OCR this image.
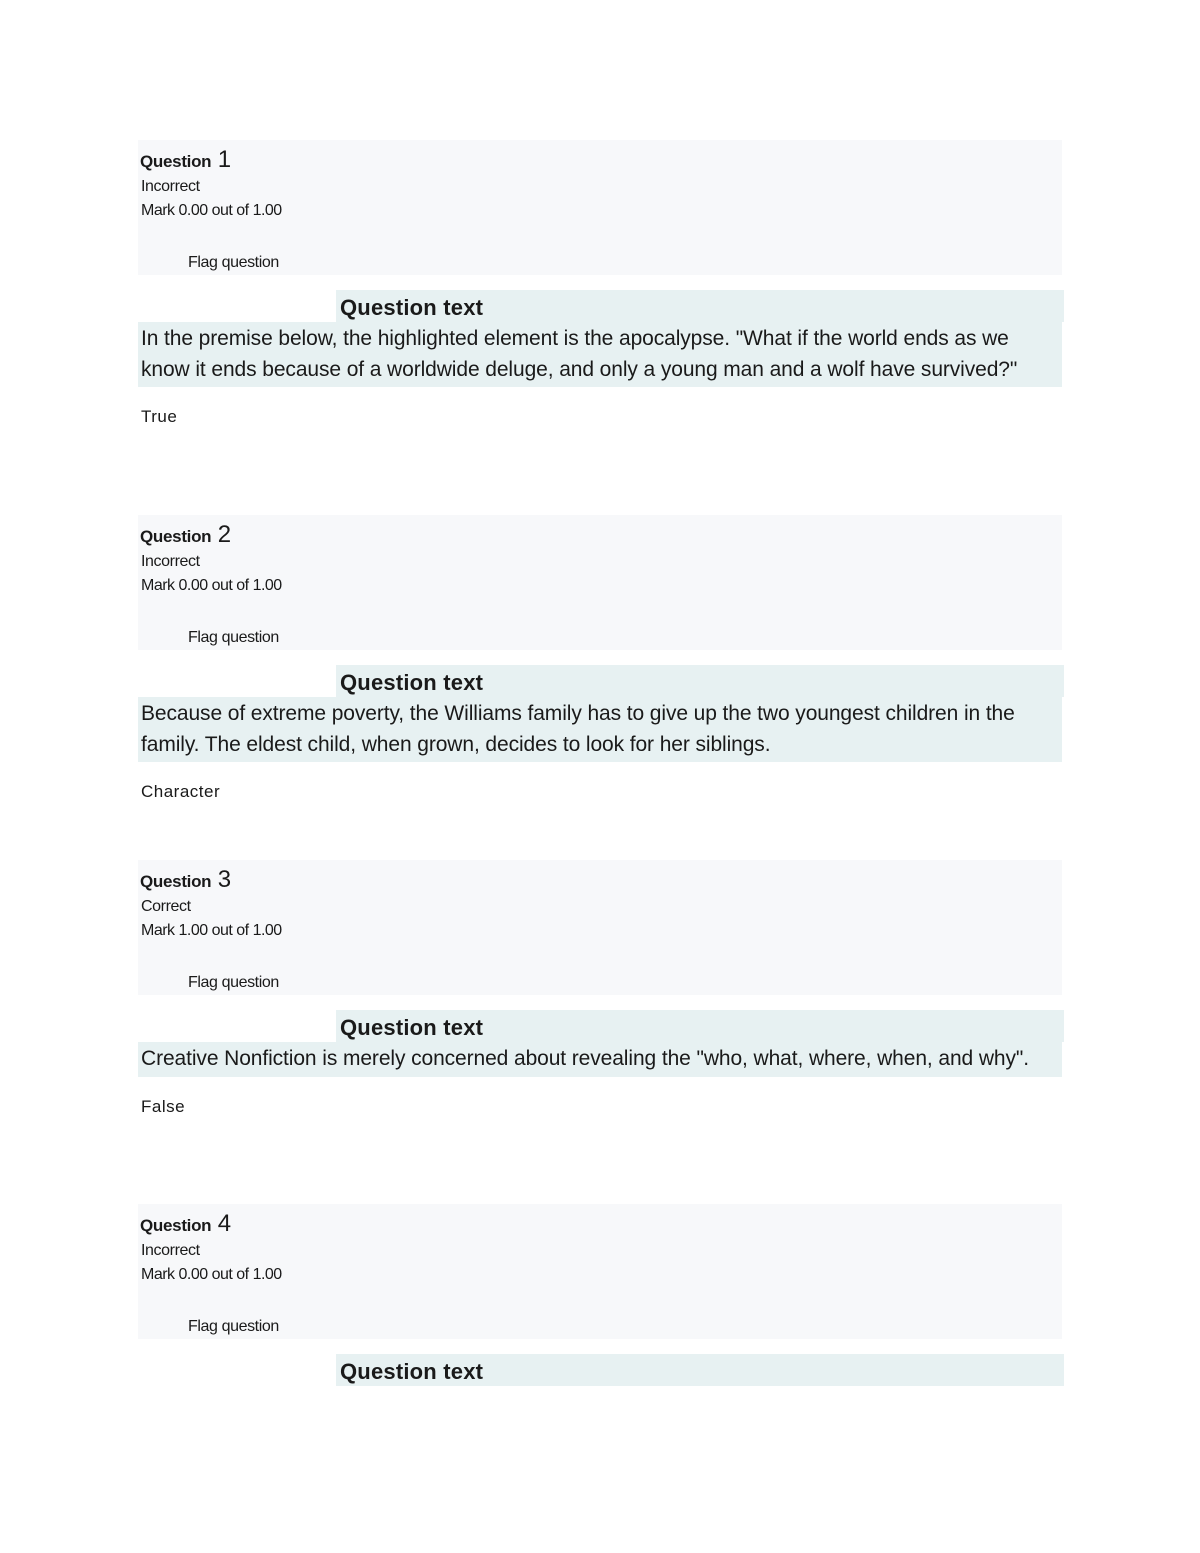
Question 1
Incorrect
Mark 0.00 out of 1.00
Flag question
Question text
In the premise below, the highlighted element is the apocalypse. "What if the world ends as we know it ends because of a worldwide deluge, and only a young man and a wolf have survived?"
True
Question 2
Incorrect
Mark 0.00 out of 1.00
Flag question
Question text
Because of extreme poverty, the Williams family has to give up the two youngest children in the family. The eldest child, when grown, decides to look for her siblings.
Character
Question 3
Correct
Mark 1.00 out of 1.00
Flag question
Question text
Creative Nonfiction is merely concerned about revealing the "who, what, where, when, and why".
False
Question 4
Incorrect
Mark 0.00 out of 1.00
Flag question
Question text
